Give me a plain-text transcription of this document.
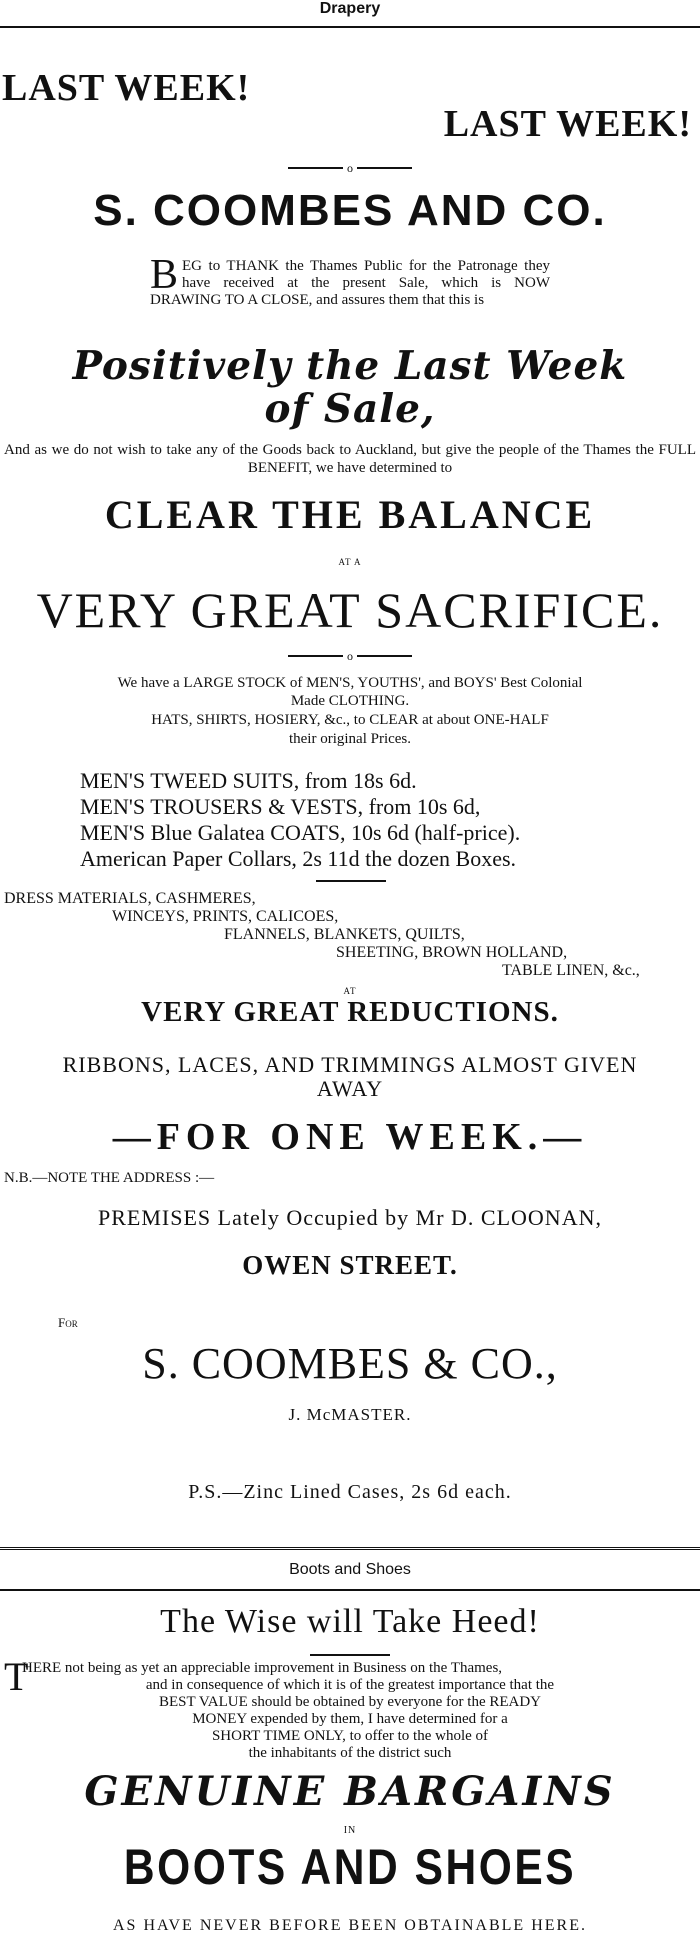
Drapery
LAST WEEK!
LAST WEEK!
o
S. COOMBES AND CO.
BEG to THANK the Thames Public for the Patronage they have received at the present Sale, which is NOW DRAWING TO A CLOSE, and assures them that this is
Positively the Last Week
of Sale,
And as we do not wish to take any of the Goods back to Auckland, but give the people of the Thames the FULL BENEFIT, we have determined to
CLEAR THE BALANCE
AT A
VERY GREAT SACRIFICE.
o
We have a LARGE STOCK of MEN'S, YOUTHS', and BOYS' Best Colonial
Made CLOTHING.
HATS, SHIRTS, HOSIERY, &c., to CLEAR at about ONE-HALF
their original Prices.
MEN'S TWEED SUITS, from 18s 6d.
MEN'S TROUSERS & VESTS, from 10s 6d,
MEN'S Blue Galatea COATS, 10s 6d (half-price).
American Paper Collars, 2s 11d the dozen Boxes.
DRESS MATERIALS, CASHMERES,
WINCEYS, PRINTS, CALICOES,
FLANNELS, BLANKETS, QUILTS,
SHEETING, BROWN HOLLAND,
TABLE LINEN, &c.,
AT
VERY GREAT REDUCTIONS.
RIBBONS, LACES, AND TRIMMINGS ALMOST GIVEN
AWAY
—FOR ONE WEEK.—
N.B.—NOTE THE ADDRESS :—
PREMISES Lately Occupied by Mr D. CLOONAN,
OWEN STREET.
For
S. COOMBES & CO.,
J. McMASTER.
P.S.—Zinc Lined Cases, 2s 6d each.
Boots and Shoes
The Wise will Take Heed!
T
HERE not being as yet an appreciable improvement in Business on the Thames,
and in consequence of which it is of the greatest importance that the
BEST VALUE should be obtained by everyone for the READY
MONEY expended by them, I have determined for a
SHORT TIME ONLY, to offer to the whole of
the inhabitants of the district such
GENUINE BARGAINS
IN
BOOTS AND SHOES
AS HAVE NEVER BEFORE BEEN OBTAINABLE HERE.
